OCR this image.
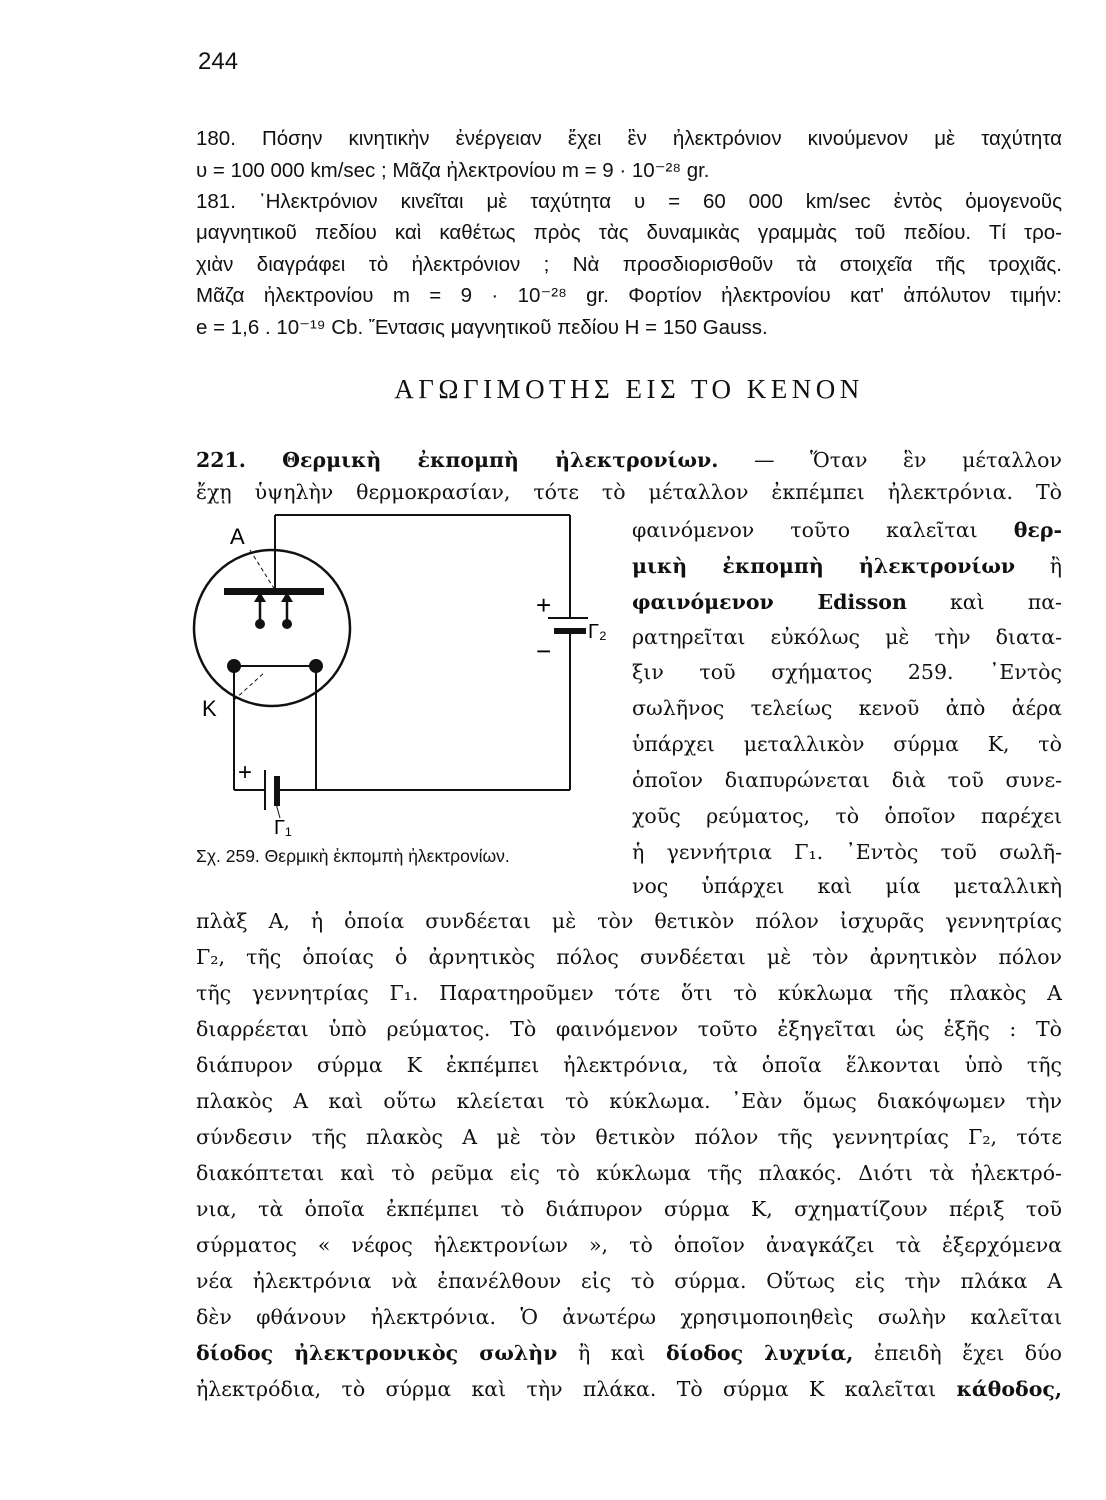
244
180. Πόσην κινητικὴν ἐνέργειαν ἔχει ἓν ἠλεκτρόνιον κινούμενον μὲ ταχύτητα
υ = 100 000 km/sec ; Μᾶζα ἠλεκτρονίου m = 9 · 10⁻²⁸ gr.
181. ᾿Ηλεκτρόνιον κινεῖται μὲ ταχύτητα υ = 60 000 km/sec ἐντὸς ὁμογενοῦς
μαγνητικοῦ πεδίου καὶ καθέτως πρὸς τὰς δυναμικὰς γραμμὰς τοῦ πεδίου. Τί τρο-
χιὰν διαγράφει τὸ ἠλεκτρόνιον ; Νὰ προσδιορισθοῦν τὰ στοιχεῖα τῆς τροχιᾶς.
Μᾶζα ἠλεκτρονίου m = 9 · 10⁻²⁸ gr. Φορτίον ἠλεκτρονίου κατ' ἀπόλυτον τιμήν:
e = 1,6 . 10⁻¹⁹ Cb. Ἔντασις μαγνητικοῦ πεδίου H = 150 Gauss.
ΑΓΩΓΙΜΟΤΗΣ ΕΙΣ ΤΟ ΚΕΝΟΝ
221. Θερμικὴ ἐκπομπὴ ἠλεκτρονίων. — Ὅταν ἓν μέταλλον
ἔχῃ ὑψηλὴν θερμοκρασίαν, τότε τὸ μέταλλον ἐκπέμπει ἠλεκτρόνια. Τὸ
φαινόμενον τοῦτο καλεῖται θερ-
μικὴ ἐκπομπὴ ἠλεκτρονίων ἢ
φαινόμενον Edisson καὶ πα-
ρατηρεῖται εὐκόλως μὲ τὴν διατα-
ξιν τοῦ σχήματος 259. ᾿Εντὸς
σωλῆνος τελείως κενοῦ ἀπὸ ἀέρα
ὑπάρχει μεταλλικὸν σύρμα K, τὸ
ὁποῖον διαπυρώνεται διὰ τοῦ συνε-
χοῦς ρεύματος, τὸ ὁποῖον παρέχει
ἡ γεννήτρια Γ₁. ᾿Εντὸς τοῦ σωλῆ-
νος ὑπάρχει καὶ μία μεταλλικὴ
πλὰξ A, ἡ ὁποία συνδέεται μὲ τὸν θετικὸν πόλον ἰσχυρᾶς γεννητρίας
Γ₂, τῆς ὁποίας ὁ ἀρνητικὸς πόλος συνδέεται μὲ τὸν ἀρνητικὸν πόλον
τῆς γεννητρίας Γ₁. Παρατηροῦμεν τότε ὅτι τὸ κύκλωμα τῆς πλακὸς A
διαρρέεται ὑπὸ ρεύματος. Τὸ φαινόμενον τοῦτο ἐξηγεῖται ὡς ἑξῆς : Τὸ
διάπυρον σύρμα K ἐκπέμπει ἠλεκτρόνια, τὰ ὁποῖα ἕλκονται ὑπὸ τῆς
πλακὸς A καὶ οὕτω κλείεται τὸ κύκλωμα. ᾿Εὰν ὅμως διακόψωμεν τὴν
σύνδεσιν τῆς πλακὸς A μὲ τὸν θετικὸν πόλον τῆς γεννητρίας Γ₂, τότε
διακόπτεται καὶ τὸ ρεῦμα εἰς τὸ κύκλωμα τῆς πλακός. Διότι τὰ ἠλεκτρό-
νια, τὰ ὁποῖα ἐκπέμπει τὸ διάπυρον σύρμα K, σχηματίζουν πέριξ τοῦ
σύρματος « νέφος ἠλεκτρονίων », τὸ ὁποῖον ἀναγκάζει τὰ ἐξερχόμενα
νέα ἠλεκτρόνια νὰ ἐπανέλθουν εἰς τὸ σύρμα. Οὕτως εἰς τὴν πλάκα A
δὲν φθάνουν ἠλεκτρόνια. Ὁ ἀνωτέρω χρησιμοποιηθεὶς σωλὴν καλεῖται
δίοδος ἠλεκτρονικὸς σωλὴν ἢ καὶ δίοδος λυχνία, ἐπειδὴ ἔχει δύο
ἠλεκτρόδια, τὸ σύρμα καὶ τὴν πλάκα. Τὸ σύρμα K καλεῖται κάθοδος,
A
K
+
−
Γ₂
+
Γ₁
Σχ. 259. Θερμικὴ ἐκπομπὴ ἠλεκτρονίων.
